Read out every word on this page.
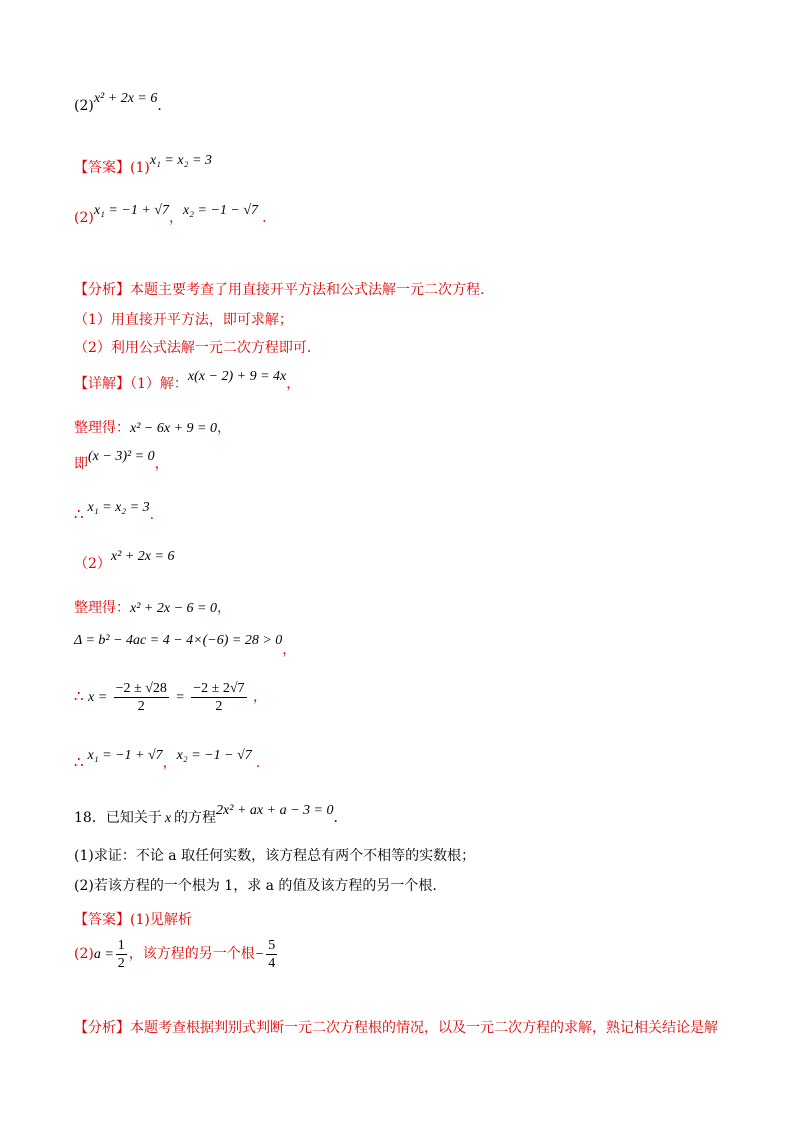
(2)x² + 2x = 6.
【答案】(1)x₁ = x₂ = 3
(2)x₁ = −1 + √7，x₂ = −1 − √7 .
【分析】本题主要考查了用直接开平方法和公式法解一元二次方程.
（1）用直接开平方法，即可求解；
（2）利用公式法解一元二次方程即可.
【详解】（1）解：x(x − 2) + 9 = 4x，
整理得：x² − 6x + 9 = 0，
即(x − 3)² = 0，
∴ x₁ = x₂ = 3.
（2）x² + 2x = 6
整理得：x² + 2x − 6 = 0，
Δ = b² − 4ac = 4 − 4×(−6) = 28 > 0，
∴ $x = \frac{-2 \pm √28}{2} = \frac{-2 \pm 2√7}{2}$ ，
∴ x₁ = −1 + √7，x₂ = −1 − √7 .
18．已知关于 x 的方程2x² + ax + a − 3 = 0.
(1)求证：不论 a 取任何实数，该方程总有两个不相等的实数根；
(2)若该方程的一个根为 1，求 a 的值及该方程的另一个根.
【答案】(1)见解析
$(2)a = \frac{1}{2}$ ，该方程的另一个根− $\frac{5}{4}$
【分析】本题考查根据判别式判断一元二次方程根的情况，以及一元二次方程的求解，熟记相关结论是解
